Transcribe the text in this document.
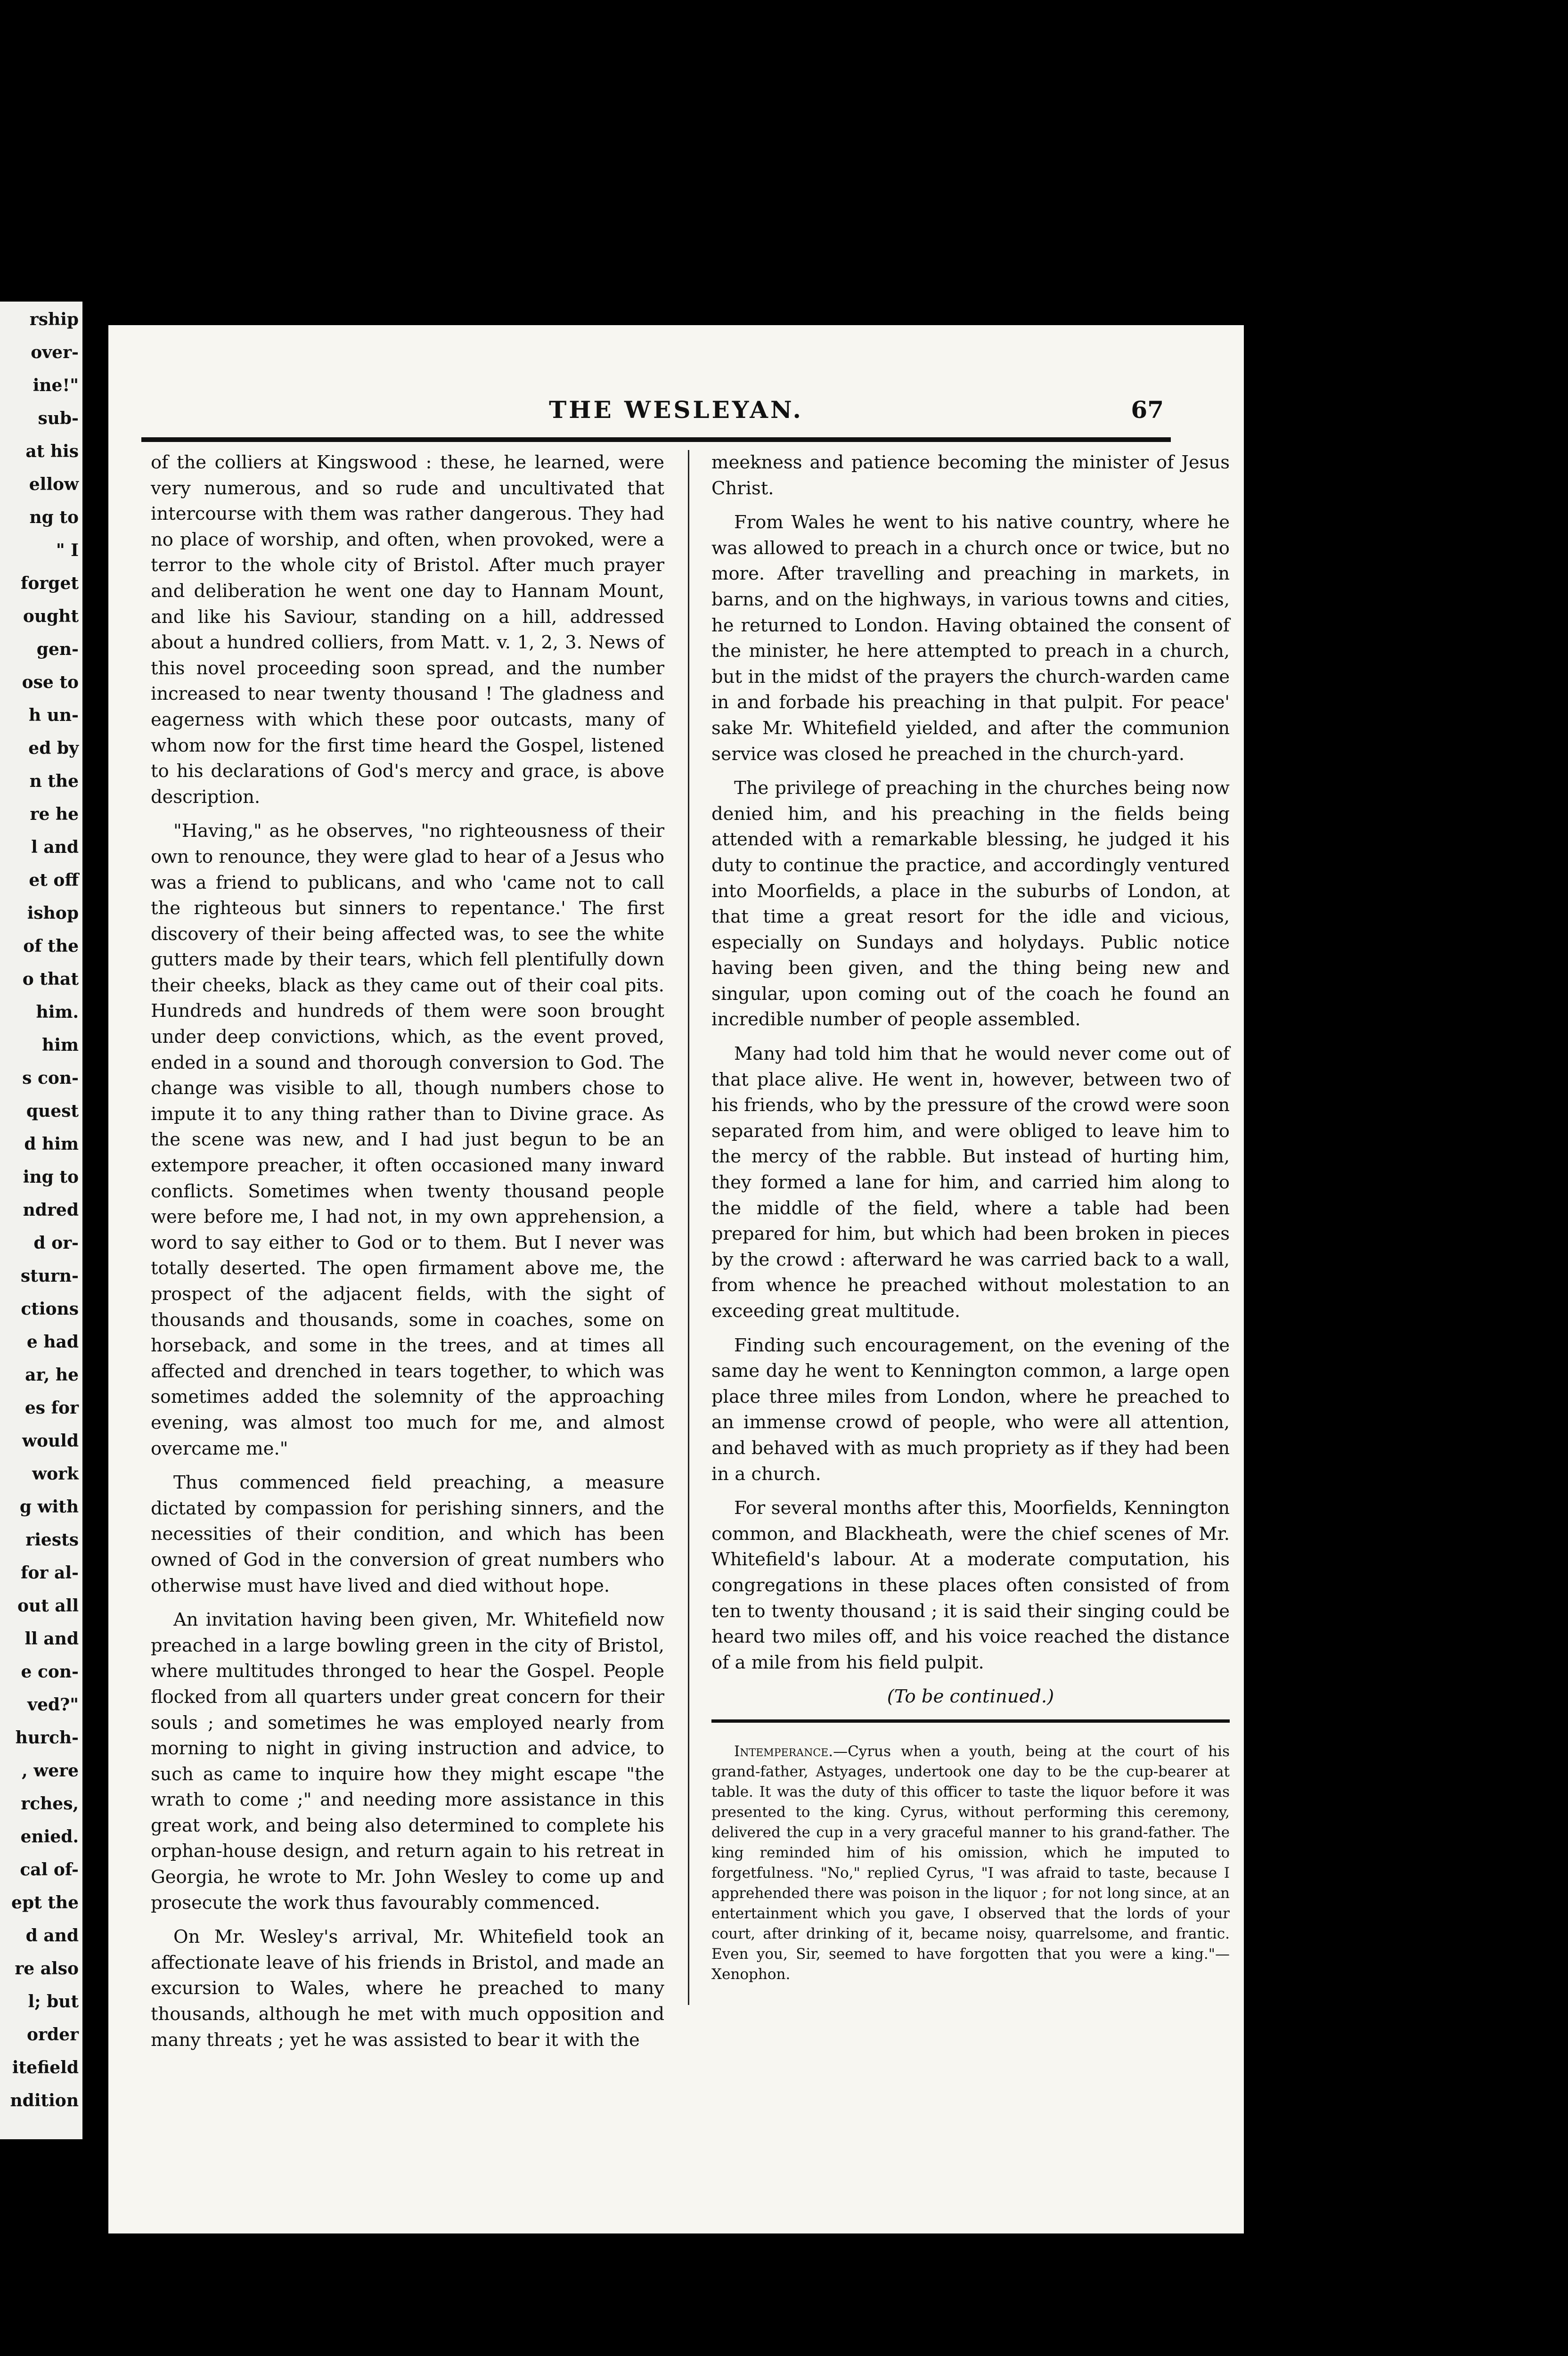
rship
over-
ine!"
sub-
at his
ellow
ng to
" I
forget
ought
gen-
ose to
h un-
ed by
n the
re he
l and
et off
ishop
of the
o that
him.
him
s con-
quest
d him
ing to
ndred
d or-
sturn-
ctions
e had
ar, he
es for
would
work
g with
riests
for al-
out all
ll and
e con-
ved?"
hurch-
, were
rches,
enied.
cal of-
ept the
d and
re also
l; but
order
itefield
ndition
THE WESLEYAN.	67

of the colliers at Kingswood : these, he learned, were very numerous, and so rude and uncultivated that intercourse with them was rather dangerous. They had no place of worship, and often, when provoked, were a terror to the whole city of Bristol. After much prayer and deliberation he went one day to Hannam Mount, and like his Saviour, standing on a hill, addressed about a hundred colliers, from Matt. v. 1, 2, 3. News of this novel proceeding soon spread, and the number increased to near twenty thousand ! The gladness and eagerness with which these poor outcasts, many of whom now for the first time heard the Gospel, listened to his declarations of God's mercy and grace, is above description.

"Having," as he observes, "no righteousness of their own to renounce, they were glad to hear of a Jesus who was a friend to publicans, and who 'came not to call the righteous but sinners to repentance.' The first discovery of their being affected was, to see the white gutters made by their tears, which fell plentifully down their cheeks, black as they came out of their coal pits. Hundreds and hundreds of them were soon brought under deep convictions, which, as the event proved, ended in a sound and thorough conversion to God. The change was visible to all, though numbers chose to impute it to any thing rather than to Divine grace. As the scene was new, and I had just begun to be an extempore preacher, it often occasioned many inward conflicts. Sometimes when twenty thousand people were before me, I had not, in my own apprehension, a word to say either to God or to them. But I never was totally deserted. The open firmament above me, the prospect of the adjacent fields, with the sight of thousands and thousands, some in coaches, some on horseback, and some in the trees, and at times all affected and drenched in tears together, to which was sometimes added the solemnity of the approaching evening, was almost too much for me, and almost overcame me."

Thus commenced field preaching, a measure dictated by compassion for perishing sinners, and the necessities of their condition, and which has been owned of God in the conversion of great numbers who otherwise must have lived and died without hope.

An invitation having been given, Mr. Whitefield now preached in a large bowling green in the city of Bristol, where multitudes thronged to hear the Gospel. People flocked from all quarters under great concern for their souls ; and sometimes he was employed nearly from morning to night in giving instruction and advice, to such as came to inquire how they might escape "the wrath to come ;" and needing more assistance in this great work, and being also determined to complete his orphan-house design, and return again to his retreat in Georgia, he wrote to Mr. John Wesley to come up and prosecute the work thus favourably commenced.

On Mr. Wesley's arrival, Mr. Whitefield took an affectionate leave of his friends in Bristol, and made an excursion to Wales, where he preached to many thousands, although he met with much opposition and many threats ; yet he was assisted to bear it with the

meekness and patience becoming the minister of Jesus Christ.

From Wales he went to his native country, where he was allowed to preach in a church once or twice, but no more. After travelling and preaching in markets, in barns, and on the highways, in various towns and cities, he returned to London. Having obtained the consent of the minister, he here attempted to preach in a church, but in the midst of the prayers the church-warden came in and forbade his preaching in that pulpit. For peace' sake Mr. Whitefield yielded, and after the communion service was closed he preached in the church-yard.

The privilege of preaching in the churches being now denied him, and his preaching in the fields being attended with a remarkable blessing, he judged it his duty to continue the practice, and accordingly ventured into Moorfields, a place in the suburbs of London, at that time a great resort for the idle and vicious, especially on Sundays and holydays. Public notice having been given, and the thing being new and singular, upon coming out of the coach he found an incredible number of people assembled.

Many had told him that he would never come out of that place alive. He went in, however, between two of his friends, who by the pressure of the crowd were soon separated from him, and were obliged to leave him to the mercy of the rabble. But instead of hurting him, they formed a lane for him, and carried him along to the middle of the field, where a table had been prepared for him, but which had been broken in pieces by the crowd : afterward he was carried back to a wall, from whence he preached without molestation to an exceeding great multitude.

Finding such encouragement, on the evening of the same day he went to Kennington common, a large open place three miles from London, where he preached to an immense crowd of people, who were all attention, and behaved with as much propriety as if they had been in a church.

For several months after this, Moorfields, Kennington common, and Blackheath, were the chief scenes of Mr. Whitefield's labour. At a moderate computation, his congregations in these places often consisted of from ten to twenty thousand ; it is said their singing could be heard two miles off, and his voice reached the distance of a mile from his field pulpit.

(To be continued.)

Intemperance.—Cyrus when a youth, being at the court of his grand-father, Astyages, undertook one day to be the cup-bearer at table. It was the duty of this officer to taste the liquor before it was presented to the king. Cyrus, without performing this ceremony, delivered the cup in a very graceful manner to his grand-father. The king reminded him of his omission, which he imputed to forgetfulness. "No," replied Cyrus, "I was afraid to taste, because I apprehended there was poison in the liquor ; for not long since, at an entertainment which you gave, I observed that the lords of your court, after drinking of it, became noisy, quarrelsome, and frantic. Even you, Sir, seemed to have forgotten that you were a king."—Xenophon.
